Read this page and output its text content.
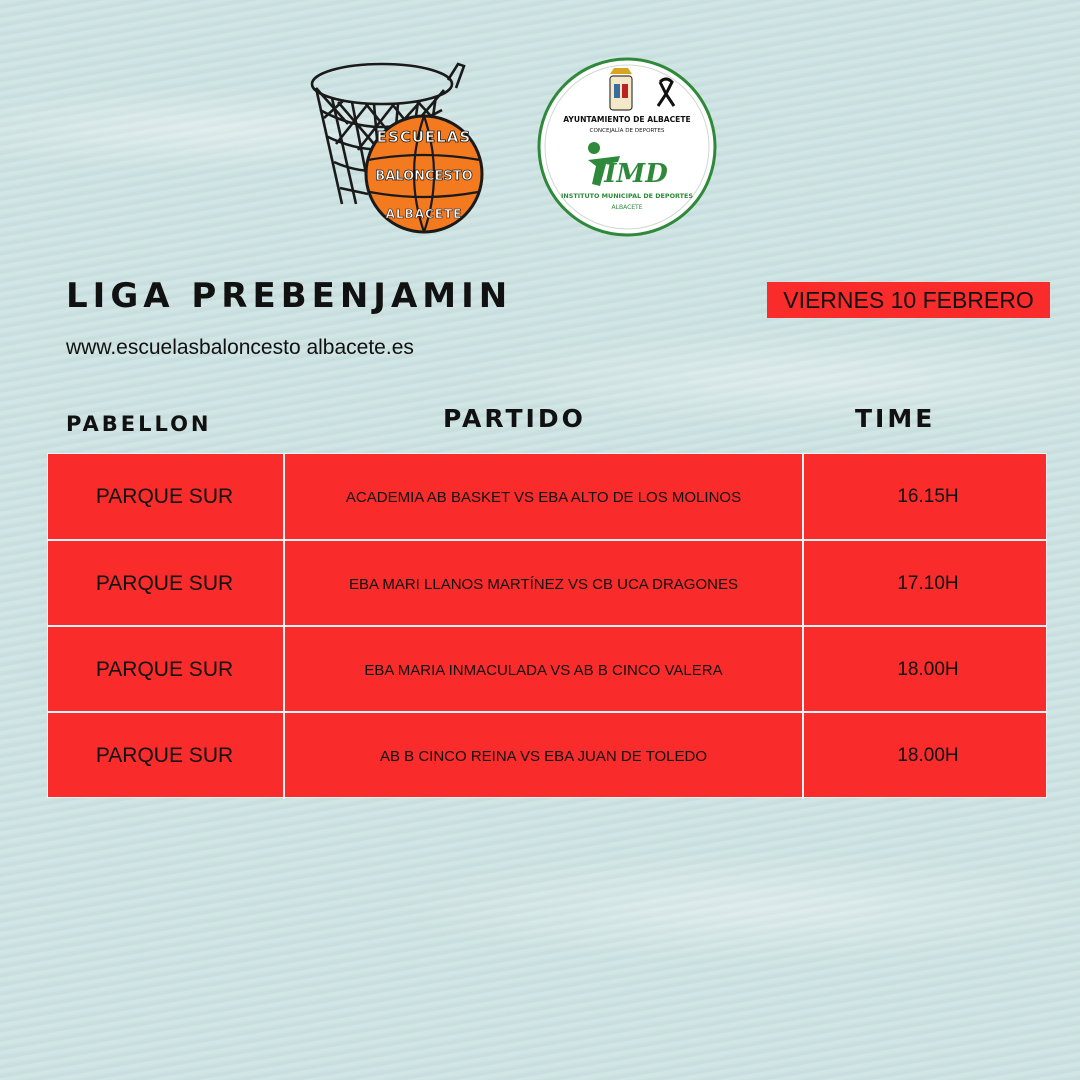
ESCUELAS
BALONCESTO
ALBACETE
AYUNTAMIENTO DE ALBACETE
CONCEJALÍA DE DEPORTES
IMD
INSTITUTO MUNICIPAL DE DEPORTES
ALBACETE
LIGA PREBENJAMIN
www.escuelasbaloncesto albacete.es
VIERNES 10 FEBRERO
PABELLON	PARTIDO	TIME
PARQUE SUR	ACADEMIA AB BASKET VS EBA ALTO DE LOS MOLINOS	16.15H
PARQUE SUR	EBA MARI LLANOS MARTÍNEZ VS CB UCA DRAGONES	17.10H
PARQUE SUR	EBA MARIA INMACULADA VS AB B CINCO VALERA	18.00H
PARQUE SUR	AB B CINCO REINA VS EBA JUAN DE TOLEDO	18.00H
